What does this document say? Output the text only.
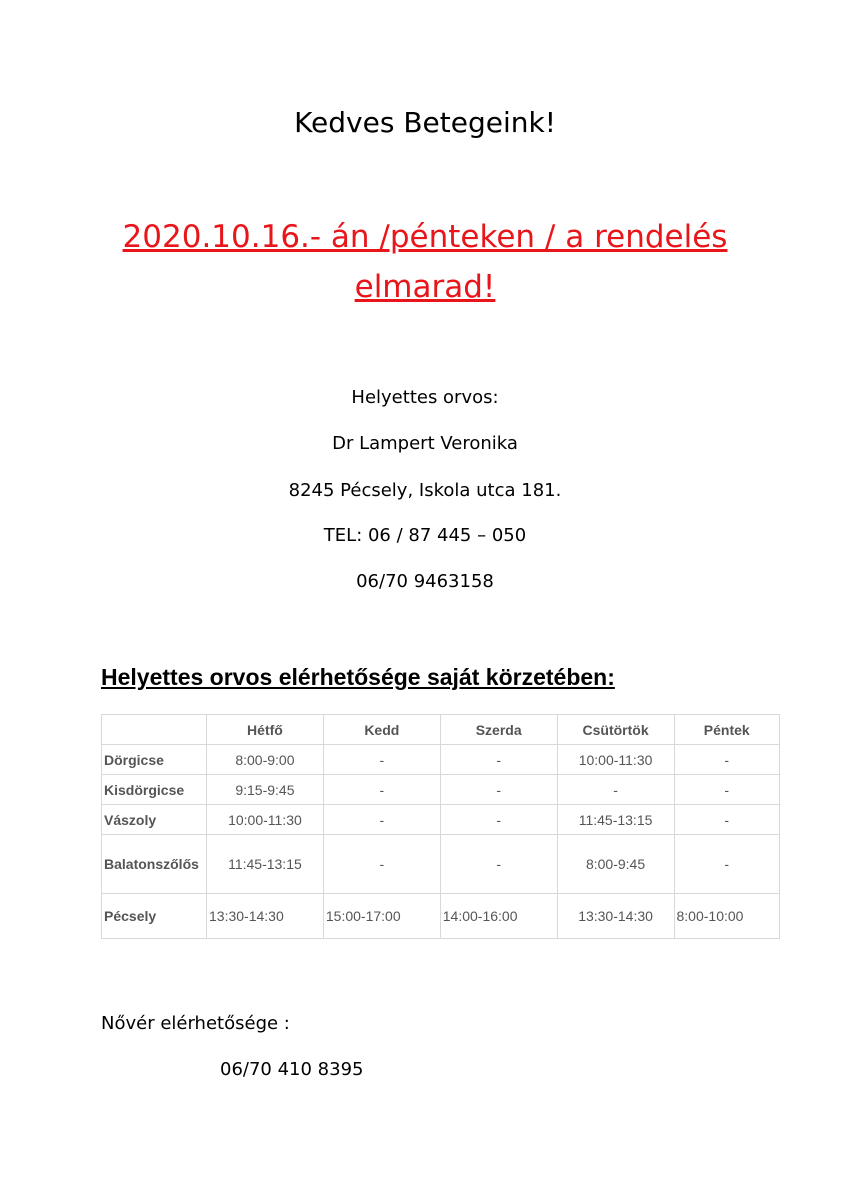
Kedves Betegeink!
2020.10.16.- án /pénteken / a rendelés
elmarad!
Helyettes orvos:
Dr Lampert Veronika
8245 Pécsely, Iskola utca 181.
TEL: 06 / 87 445 – 050
06/70 9463158
Helyettes orvos elérhetősége saját körzetében:
	Hétfő	Kedd	Szerda	Csütörtök	Péntek
Dörgicse	8:00-9:00	-	-	10:00-11:30	-
Kisdörgicse	9:15-9:45	-	-	-	-
Vászoly	10:00-11:30	-	-	11:45-13:15	-
Balatonszőlős	11:45-13:15	-	-	8:00-9:45	-
Pécsely	13:30-14:30	15:00-17:00	14:00-16:00	13:30-14:30	8:00-10:00
Nővér elérhetősége :
06/70 410 8395
